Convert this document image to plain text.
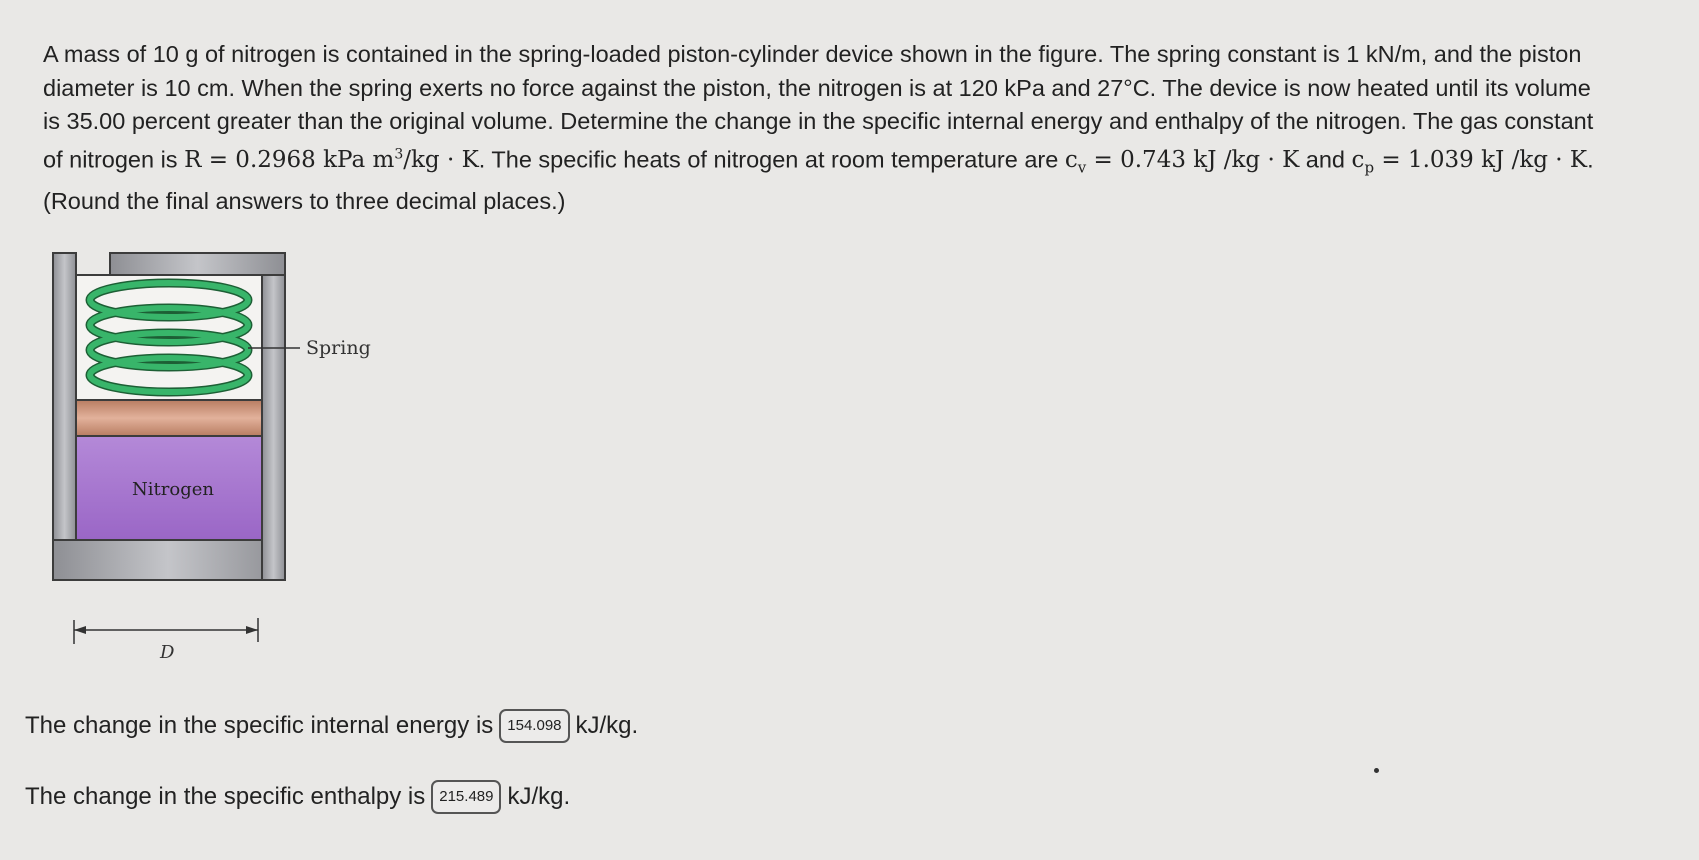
A mass of 10 g of nitrogen is contained in the spring-loaded piston-cylinder device shown in the figure. The spring constant is 1 kN/m, and the piston diameter is 10 cm. When the spring exerts no force against the piston, the nitrogen is at 120 kPa and 27°C. The device is now heated until its volume is 35.00 percent greater than the original volume. Determine the change in the specific internal energy and enthalpy of the nitrogen. The gas constant of nitrogen is R = 0.2968 kPa $m^3/kg \cdot K$. The specific heats of nitrogen at room temperature are $c_v = 0.743$ kJ /kg · K and $c_p = 1.039$ kJ /kg · K. (Round the final answers to three decimal places.)
Spring
Nitrogen
D
The change in the specific internal energy is 154.098 kJ/kg.
The change in the specific enthalpy is 215.489 kJ/kg.
